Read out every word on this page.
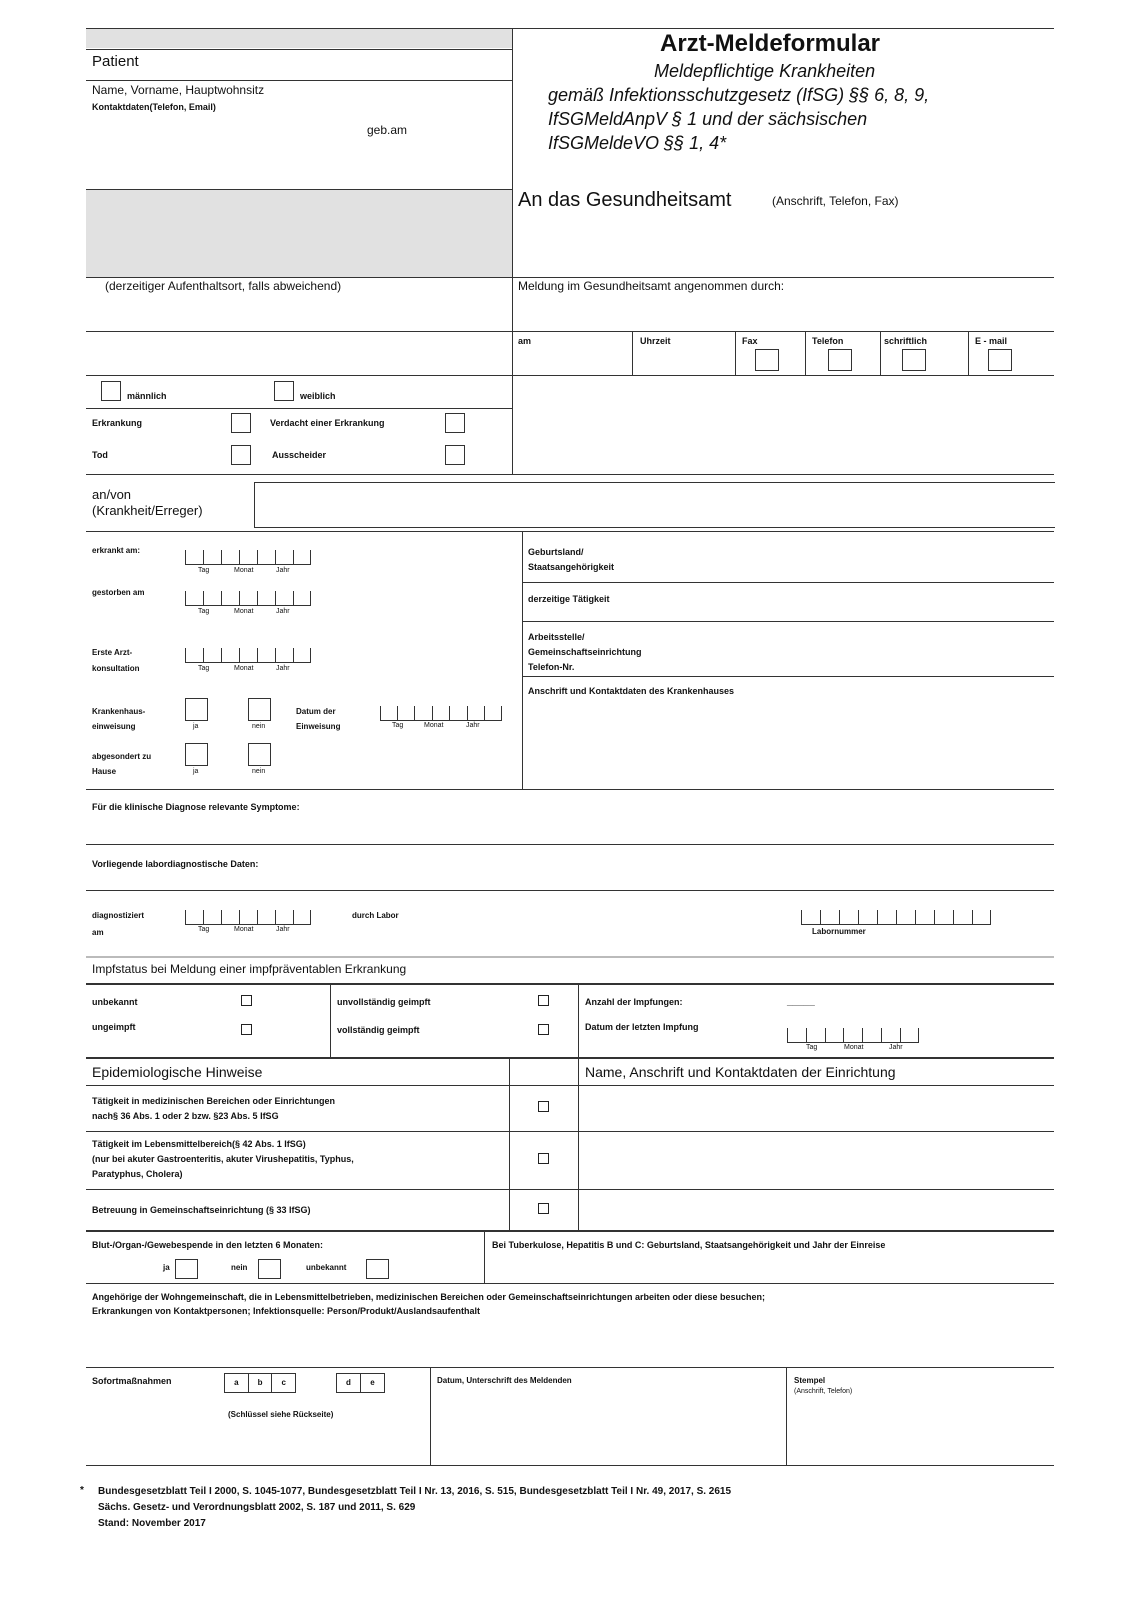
Patient
Name, Vorname, Hauptwohnsitz
Kontaktdaten(Telefon, Email)
geb.am
Arzt-Meldeformular
Meldepflichtige Krankheiten
gemäß Infektionsschutzgesetz (IfSG) §§ 6, 8, 9,
IfSGMeldAnpV § 1 und der sächsischen
IfSGMeldeVO §§ 1, 4*
An das Gesundheitsamt	(Anschrift, Telefon, Fax)
(derzeitiger Aufenthaltsort, falls abweichend)	Meldung im Gesundheitsamt angenommen durch:
am	Uhrzeit	Fax	Telefon	schriftlich	E - mail
männlich	weiblich
Erkrankung	Verdacht einer Erkrankung
Tod	Ausscheider
an/von
(Krankheit/Erreger)
erkrankt am:
Tag	Monat	Jahr
gestorben am
Tag	Monat	Jahr
Erste Arzt-
konsultation	Tag	Monat	Jahr
Krankenhaus-
einweisung	ja	nein
Datum der
Einweisung	Tag	Monat	Jahr
abgesondert zu
Hause	ja	nein
Geburtsland/
Staatsangehörigkeit
derzeitige Tätigkeit
Arbeitsstelle/
Gemeinschaftseinrichtung
Telefon-Nr.
Anschrift und Kontaktdaten des Krankenhauses
Für die klinische Diagnose relevante Symptome:
Vorliegende labordiagnostische Daten:
diagnostiziert
am	Tag	Monat	Jahr
durch Labor
Labornummer
Impfstatus bei Meldung einer impfpräventablen Erkrankung
unbekannt
ungeimpft
unvollständig geimpft
vollständig geimpft
Anzahl der Impfungen:	_____
Datum der letzten Impfung
Tag	Monat	Jahr
Epidemiologische Hinweise	Name, Anschrift und Kontaktdaten der Einrichtung
Tätigkeit in medizinischen Bereichen oder Einrichtungen
nach§ 36 Abs. 1 oder 2 bzw. §23 Abs. 5 IfSG
Tätigkeit im Lebensmittelbereich(§ 42 Abs. 1 IfSG)
(nur bei akuter Gastroenteritis, akuter Virushepatitis, Typhus,
Paratyphus, Cholera)
Betreuung in Gemeinschaftseinrichtung (§ 33 IfSG)
Blut-/Organ-/Gewebespende in den letzten 6 Monaten:
ja	nein	unbekannt
Bei Tuberkulose, Hepatitis B und C: Geburtsland, Staatsangehörigkeit und Jahr der Einreise
Angehörige der Wohngemeinschaft, die in Lebensmittelbetrieben, medizinischen Bereichen oder Gemeinschaftseinrichtungen arbeiten oder diese besuchen;
Erkrankungen von Kontaktpersonen; Infektionsquelle: Person/Produkt/Auslandsaufenthalt
Sofortmaßnahmen	a	b	c	d	e
(Schlüssel siehe Rückseite)
Datum, Unterschrift des Meldenden	Stempel
(Anschrift, Telefon)
* Bundesgesetzblatt Teil I 2000, S. 1045-1077, Bundesgesetzblatt Teil I Nr. 13, 2016, S. 515, Bundesgesetzblatt Teil I Nr. 49, 2017, S. 2615
Sächs. Gesetz- und Verordnungsblatt 2002, S. 187 und 2011, S. 629
Stand: November 2017
